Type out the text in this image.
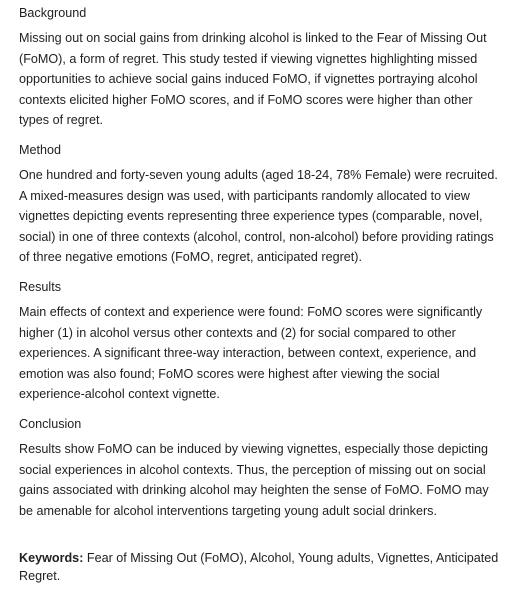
Background

Missing out on social gains from drinking alcohol is linked to the Fear of Missing Out (FoMO), a form of regret. This study tested if viewing vignettes highlighting missed opportunities to achieve social gains induced FoMO, if vignettes portraying alcohol contexts elicited higher FoMO scores, and if FoMO scores were higher than other types of regret.

Method

One hundred and forty-seven young adults (aged 18-24, 78% Female) were recruited. A mixed-measures design was used, with participants randomly allocated to view vignettes depicting events representing three experience types (comparable, novel, social) in one of three contexts (alcohol, control, non-alcohol) before providing ratings of three negative emotions (FoMO, regret, anticipated regret).

Results

Main effects of context and experience were found: FoMO scores were significantly higher (1) in alcohol versus other contexts and (2) for social compared to other experiences. A significant three-way interaction, between context, experience, and emotion was also found; FoMO scores were highest after viewing the social experience-alcohol context vignette.

Conclusion

Results show FoMO can be induced by viewing vignettes, especially those depicting social experiences in alcohol contexts. Thus, the perception of missing out on social gains associated with drinking alcohol may heighten the sense of FoMO. FoMO may be amenable for alcohol interventions targeting young adult social drinkers.

Keywords: Fear of Missing Out (FoMO), Alcohol, Young adults, Vignettes, Anticipated Regret.
